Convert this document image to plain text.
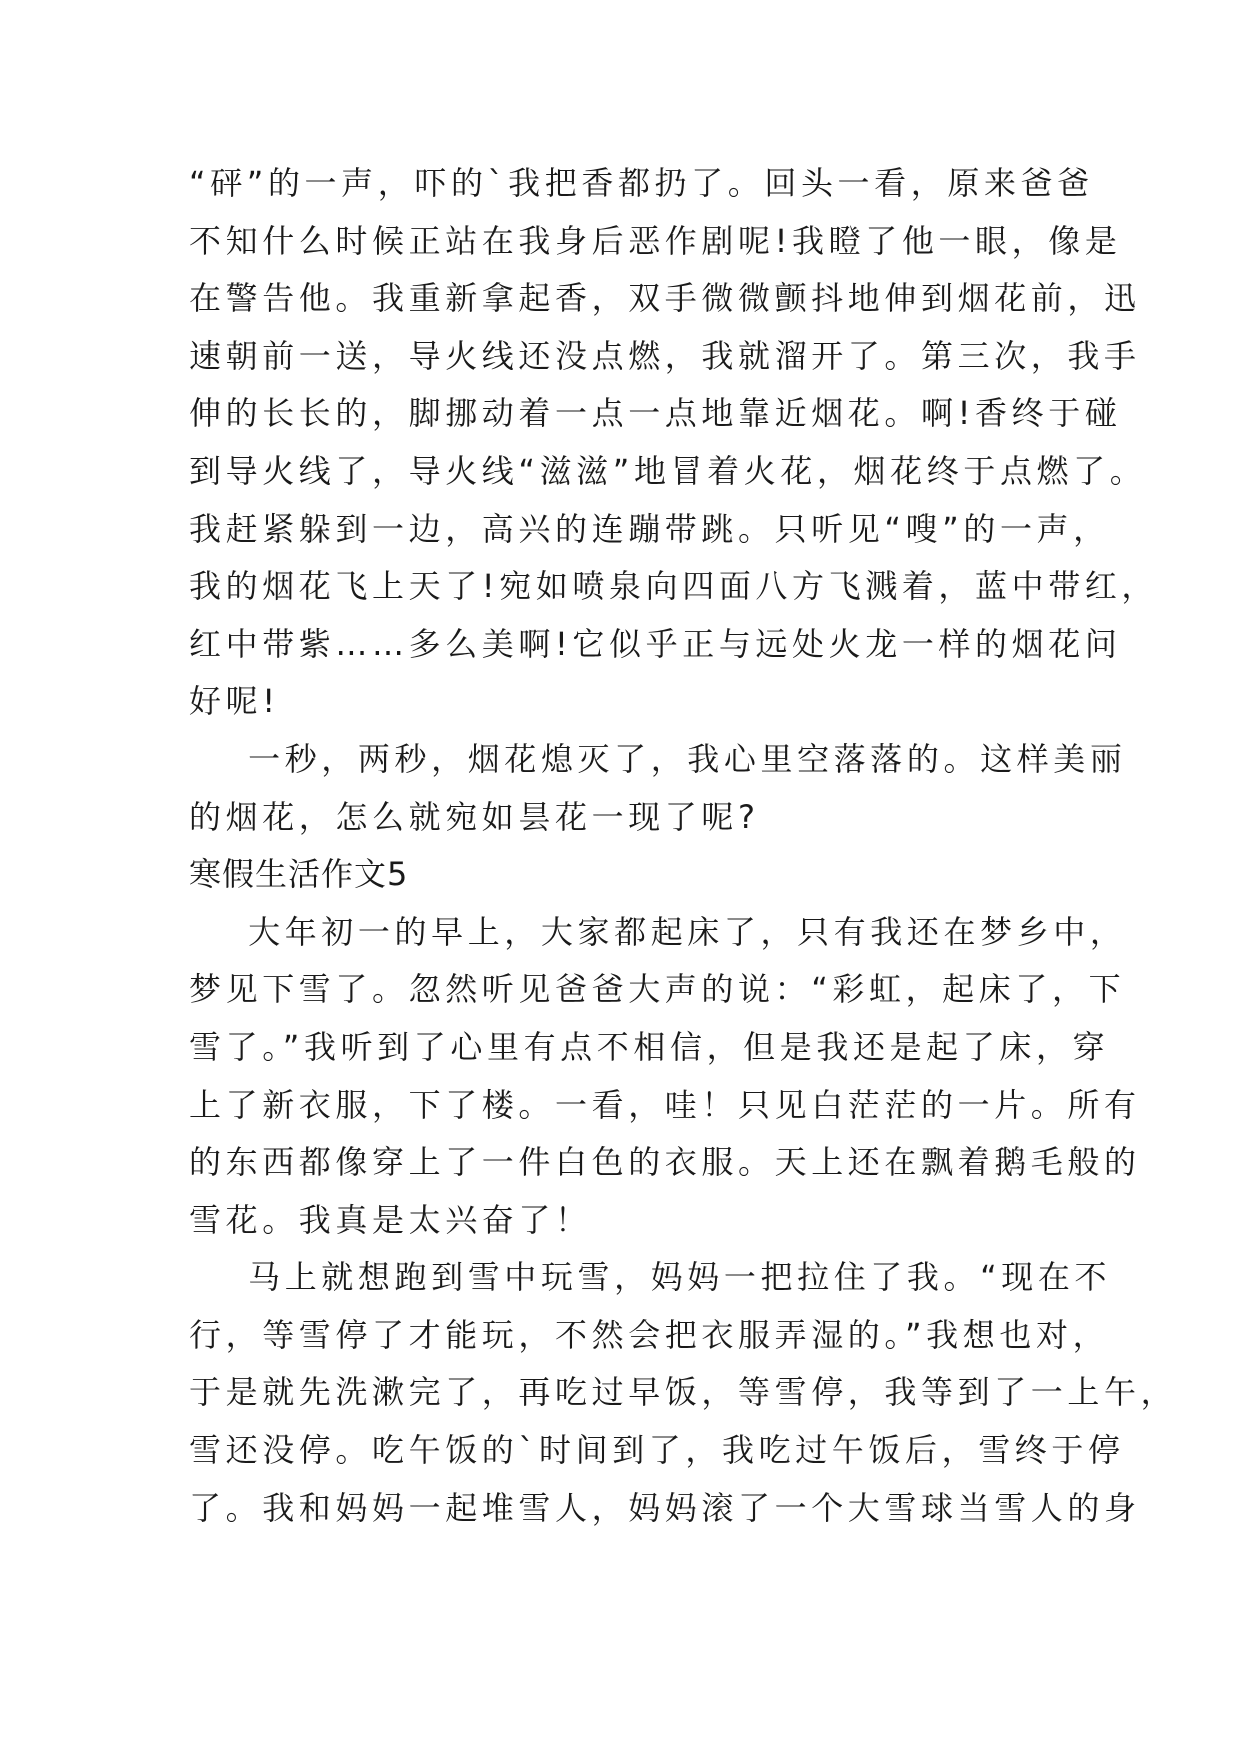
“砰”的一声，吓的`我把香都扔了。回头一看，原来爸爸
不知什么时候正站在我身后恶作剧呢!我瞪了他一眼，像是
在警告他。我重新拿起香，双手微微颤抖地伸到烟花前，迅
速朝前一送，导火线还没点燃，我就溜开了。第三次，我手
伸的长长的，脚挪动着一点一点地靠近烟花。啊!香终于碰
到导火线了，导火线“滋滋”地冒着火花，烟花终于点燃了。
我赶紧躲到一边，高兴的连蹦带跳。只听见“嗖”的一声，
我的烟花飞上天了!宛如喷泉向四面八方飞溅着，蓝中带红，
红中带紫……多么美啊!它似乎正与远处火龙一样的烟花问
好呢!
一秒，两秒，烟花熄灭了，我心里空落落的。这样美丽
的烟花，怎么就宛如昙花一现了呢?
寒假生活作文5
大年初一的早上，大家都起床了，只有我还在梦乡中，
梦见下雪了。忽然听见爸爸大声的说：“彩虹，起床了，下
雪了。”我听到了心里有点不相信，但是我还是起了床，穿
上了新衣服，下了楼。一看，哇！只见白茫茫的一片。所有
的东西都像穿上了一件白色的衣服。天上还在飘着鹅毛般的
雪花。我真是太兴奋了！
马上就想跑到雪中玩雪，妈妈一把拉住了我。“现在不
行，等雪停了才能玩，不然会把衣服弄湿的。”我想也对，
于是就先洗漱完了，再吃过早饭，等雪停，我等到了一上午，
雪还没停。吃午饭的`时间到了，我吃过午饭后，雪终于停
了。我和妈妈一起堆雪人，妈妈滚了一个大雪球当雪人的身
